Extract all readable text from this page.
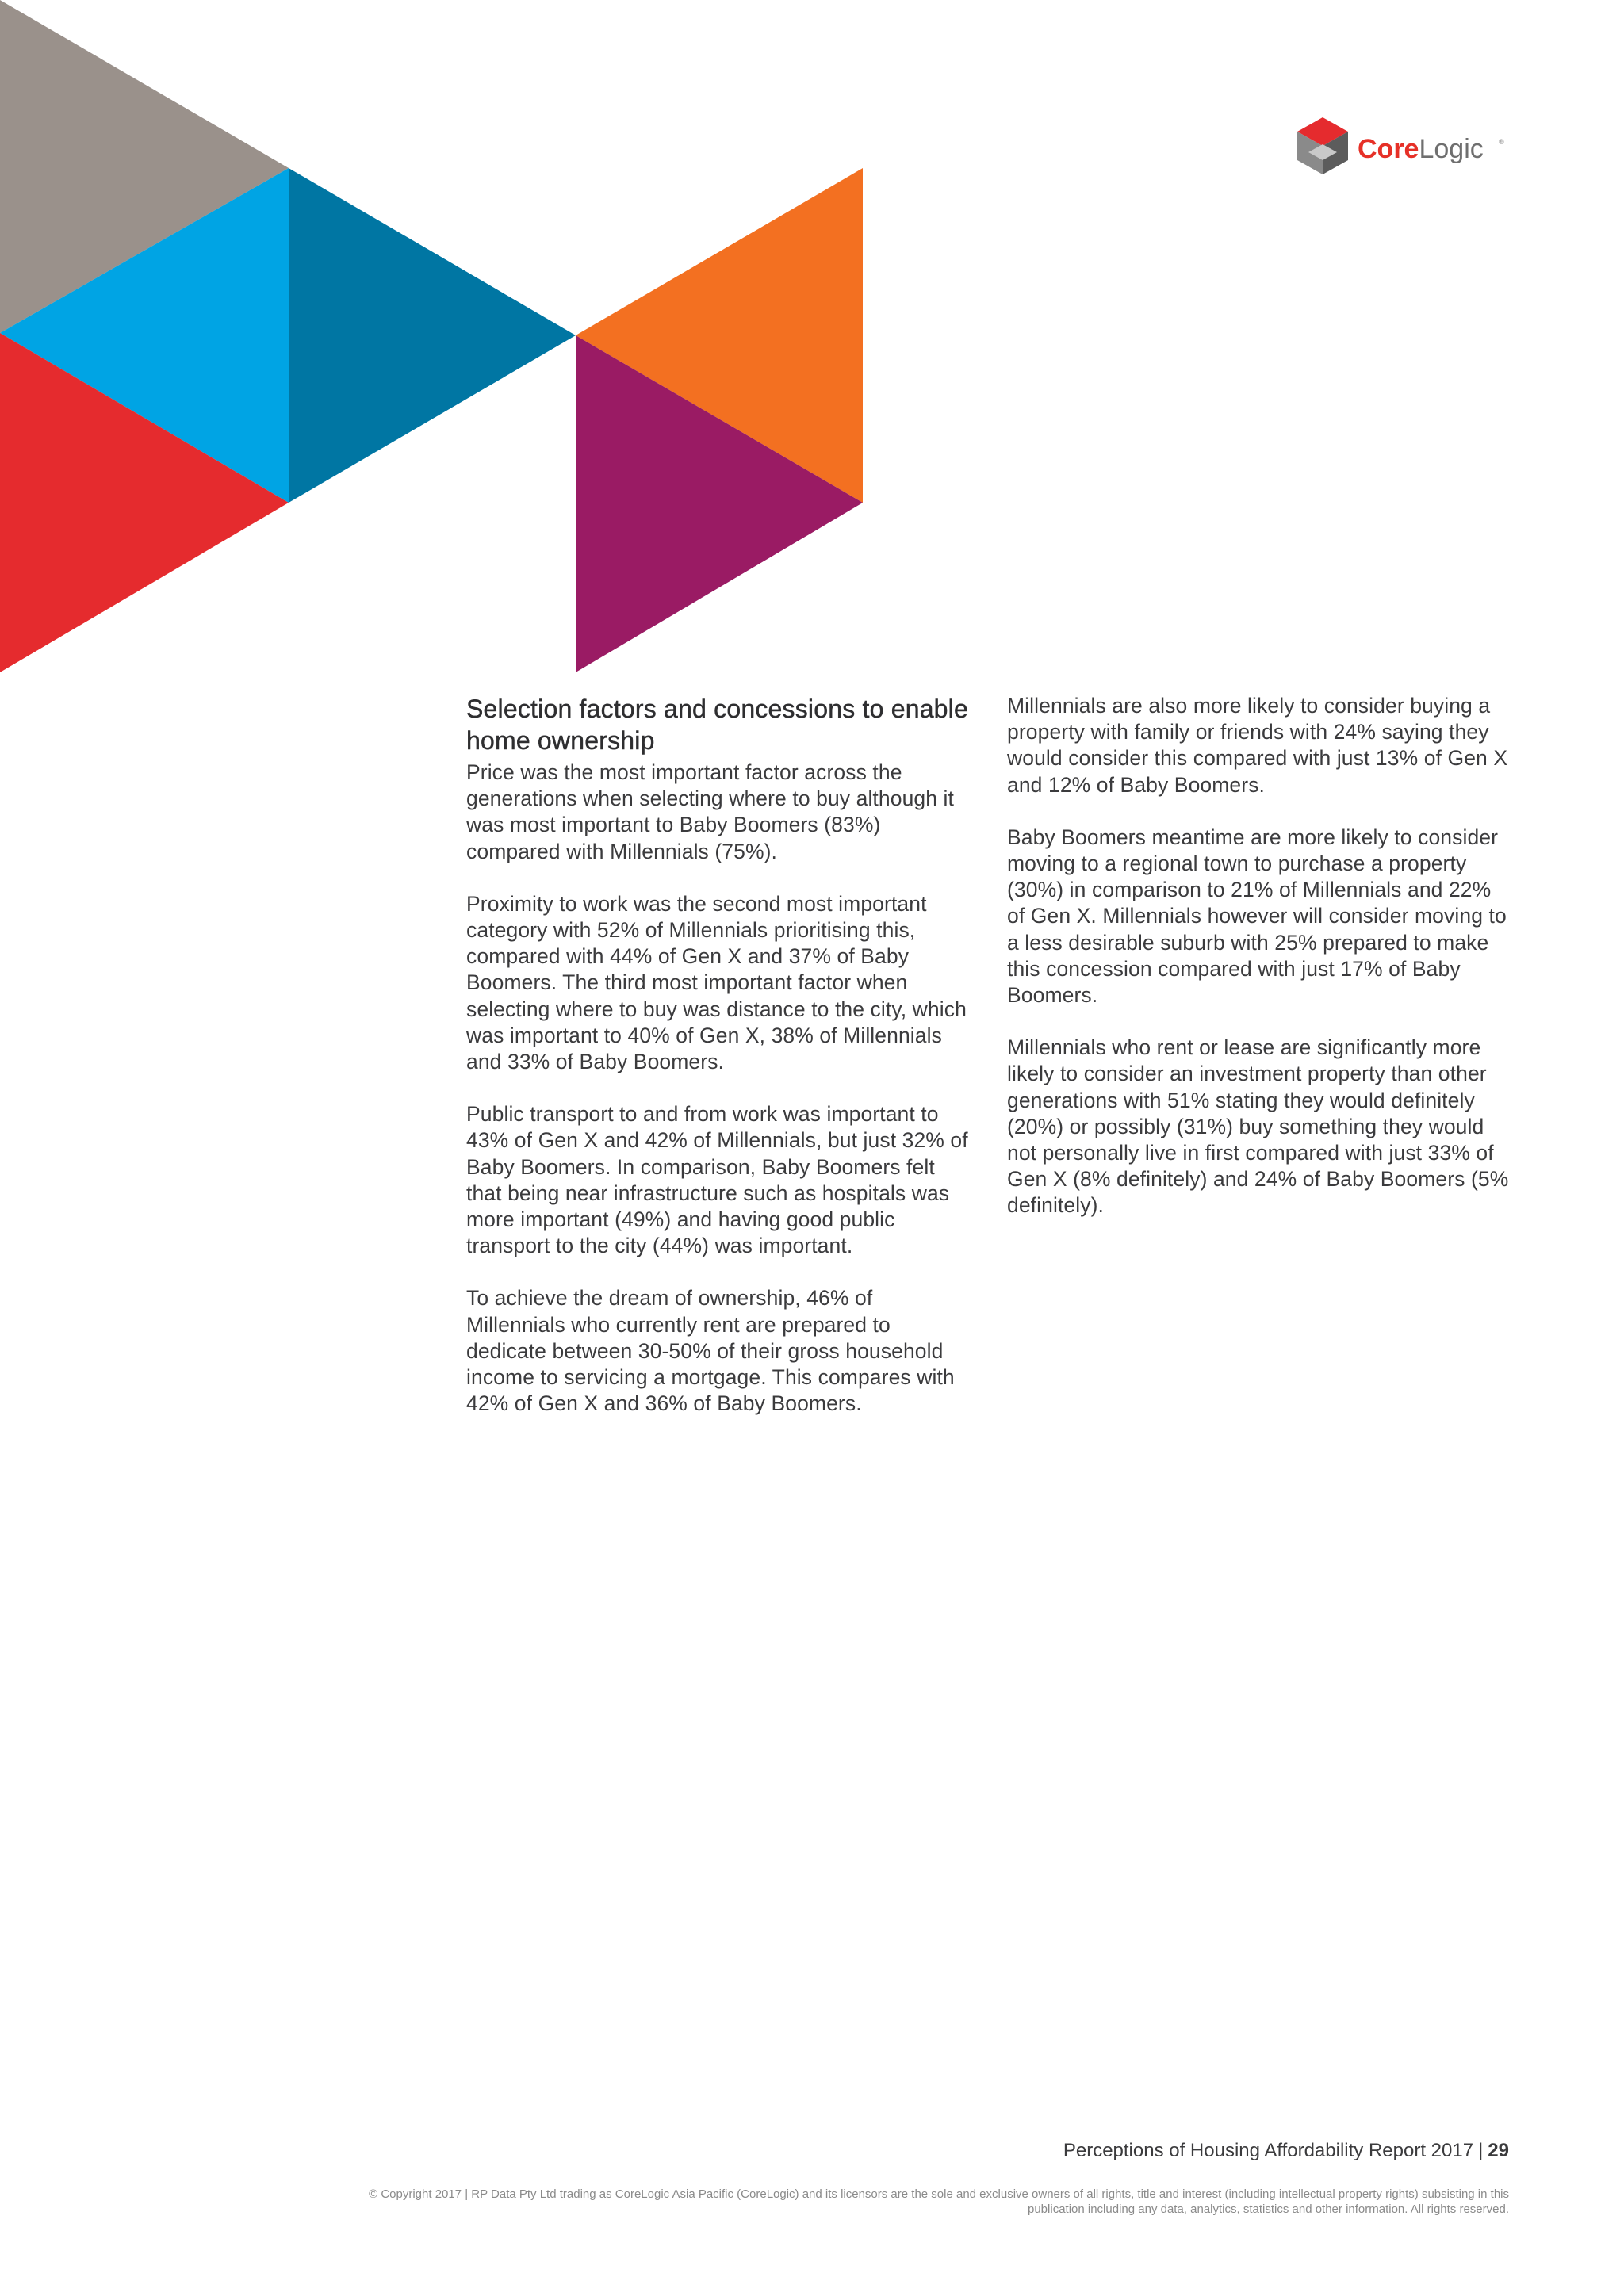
CoreLogic ®
Selection factors and concessions to enable home ownership

Price was the most important factor across the generations when selecting where to buy although it was most important to Baby Boomers (83%) compared with Millennials (75%).

Proximity to work was the second most important category with 52% of Millennials prioritising this, compared with 44% of Gen X and 37% of Baby Boomers. The third most important factor when selecting where to buy was distance to the city, which was important to 40% of Gen X, 38% of Millennials and 33% of Baby Boomers.

Public transport to and from work was important to 43% of Gen X and 42% of Millennials, but just 32% of Baby Boomers. In comparison, Baby Boomers felt that being near infrastructure such as hospitals was more important (49%) and having good public transport to the city (44%) was important.

To achieve the dream of ownership, 46% of Millennials who currently rent are prepared to dedicate between 30-50% of their gross household income to servicing a mortgage. This compares with 42% of Gen X and 36% of Baby Boomers.

Millennials are also more likely to consider buying a property with family or friends with 24% saying they would consider this compared with just 13% of Gen X and 12% of Baby Boomers.

Baby Boomers meantime are more likely to consider moving to a regional town to purchase a property (30%) in comparison to 21% of Millennials and 22% of Gen X. Millennials however will consider moving to a less desirable suburb with 25% prepared to make this concession compared with just 17% of Baby Boomers.

Millennials who rent or lease are significantly more likely to consider an investment property than other generations with 51% stating they would definitely (20%) or possibly (31%) buy something they would not personally live in first compared with just 33% of Gen X (8% definitely) and 24% of Baby Boomers (5% definitely).

Perceptions of Housing Affordability Report 2017 | 29
© Copyright 2017 | RP Data Pty Ltd trading as CoreLogic Asia Pacific (CoreLogic) and its licensors are the sole and exclusive owners of all rights, title and interest (including intellectual property rights) subsisting in this publication including any data, analytics, statistics and other information. All rights reserved.
